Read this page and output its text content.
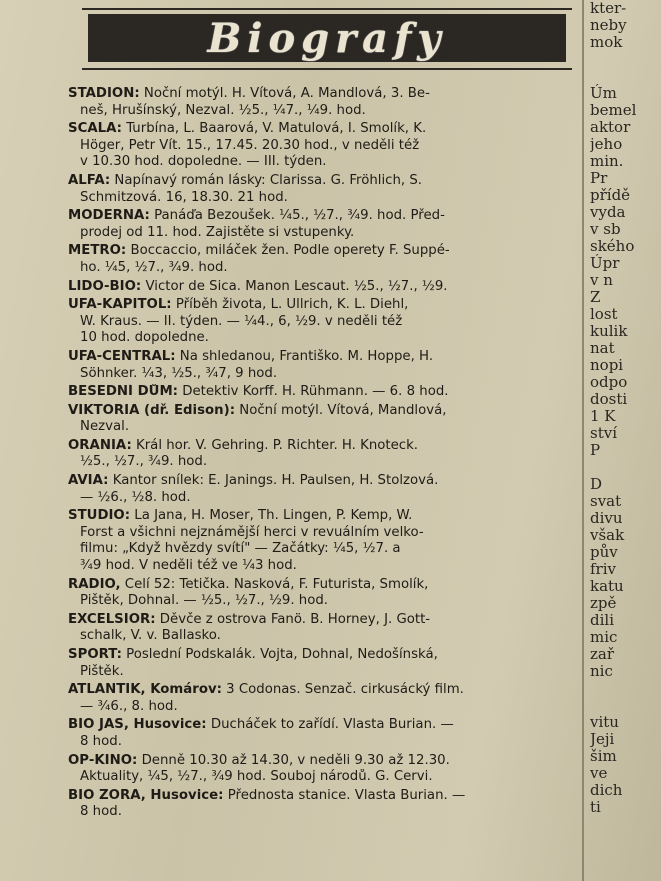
kter-
neby
mok
Úm
bemel
aktor
jeho
min.
Pr
přídě
vyda
v sb
ského
Úpr
v n
Z
lost
kulik
nat
nopi
odpo
dosti
1 K
ství
P
D
svat
divu
však
pův
friv
katu
zpě
dili
mic
zař
nic
vitu
Jeji
šim
ve
dich
ti
Biografy
STADION: Noční motýl. H. Vítová, A. Mandlová, 3. Be-
neš, Hrušínský, Nezval. ½5., ¼7., ¼9. hod.
SCALA: Turbína, L. Baarová, V. Matulová, I. Smolík, K.
Höger, Petr Vít. 15., 17.45. 20.30 hod., v neděli též
v 10.30 hod. dopoledne. — III. týden.
ALFA: Napínavý román lásky: Clarissa. G. Fröhlich, S.
Schmitzová. 16, 18.30. 21 hod.
MODERNA: Panáďa Bezoušek. ¼5., ½7., ¾9. hod. Před-
prodej od 11. hod. Zajistěte si vstupenky.
METRO: Boccaccio, miláček žen. Podle operety F. Suppé-
ho. ¼5, ½7., ¾9. hod.
LIDO-BIO: Victor de Sica. Manon Lescaut. ½5., ½7., ½9.
UFA-KAPITOL: Příběh života, L. Ullrich, K. L. Diehl,
W. Kraus. — II. týden. — ¼4., 6, ½9. v neděli též
10 hod. dopoledne.
UFA-CENTRAL: Na shledanou, Františko. M. Hoppe, H.
Söhnker. ¼3, ½5., ¾7, 9 hod.
BESEDNÍ DŮM: Detektiv Korff. H. Rühmann. — 6. 8 hod.
VIKTORIA (dř. Edison): Noční motýl. Vítová, Mandlová,
Nezval.
ORANIA: Král hor. V. Gehring. P. Richter. H. Knoteck.
½5., ½7., ¾9. hod.
AVIA: Kantor snílek: E. Janings. H. Paulsen, H. Stolzová.
— ½6., ½8. hod.
STUDIO: La Jana, H. Moser, Th. Lingen, P. Kemp, W.
Forst a všichni nejznámější herci v revuálním velko-
filmu: „Když hvězdy svítí" — Začátky: ¼5, ½7. a
¾9 hod. V neděli též ve ¼3 hod.
RADIO, Celí 52: Tetička. Nasková, F. Futurista, Smolík,
Pištěk, Dohnal. — ½5., ½7., ½9. hod.
EXCELSIOR: Děvče z ostrova Fanö. B. Horney, J. Gott-
schalk, V. v. Ballasko.
SPORT: Poslední Podskalák. Vojta, Dohnal, Nedošínská,
Pištěk.
ATLANTIK, Komárov: 3 Codonas. Senzač. cirkusácký film.
— ¾6., 8. hod.
BIO JAS, Husovice: Ducháček to zařídí. Vlasta Burian. —
8 hod.
OP-KINO: Denně 10.30 až 14.30, v neděli 9.30 až 12.30.
Aktuality, ¼5, ½7., ¾9 hod. Souboj národů. G. Cervi.
BIO ZORA, Husovice: Přednosta stanice. Vlasta Burian. —
8 hod.
